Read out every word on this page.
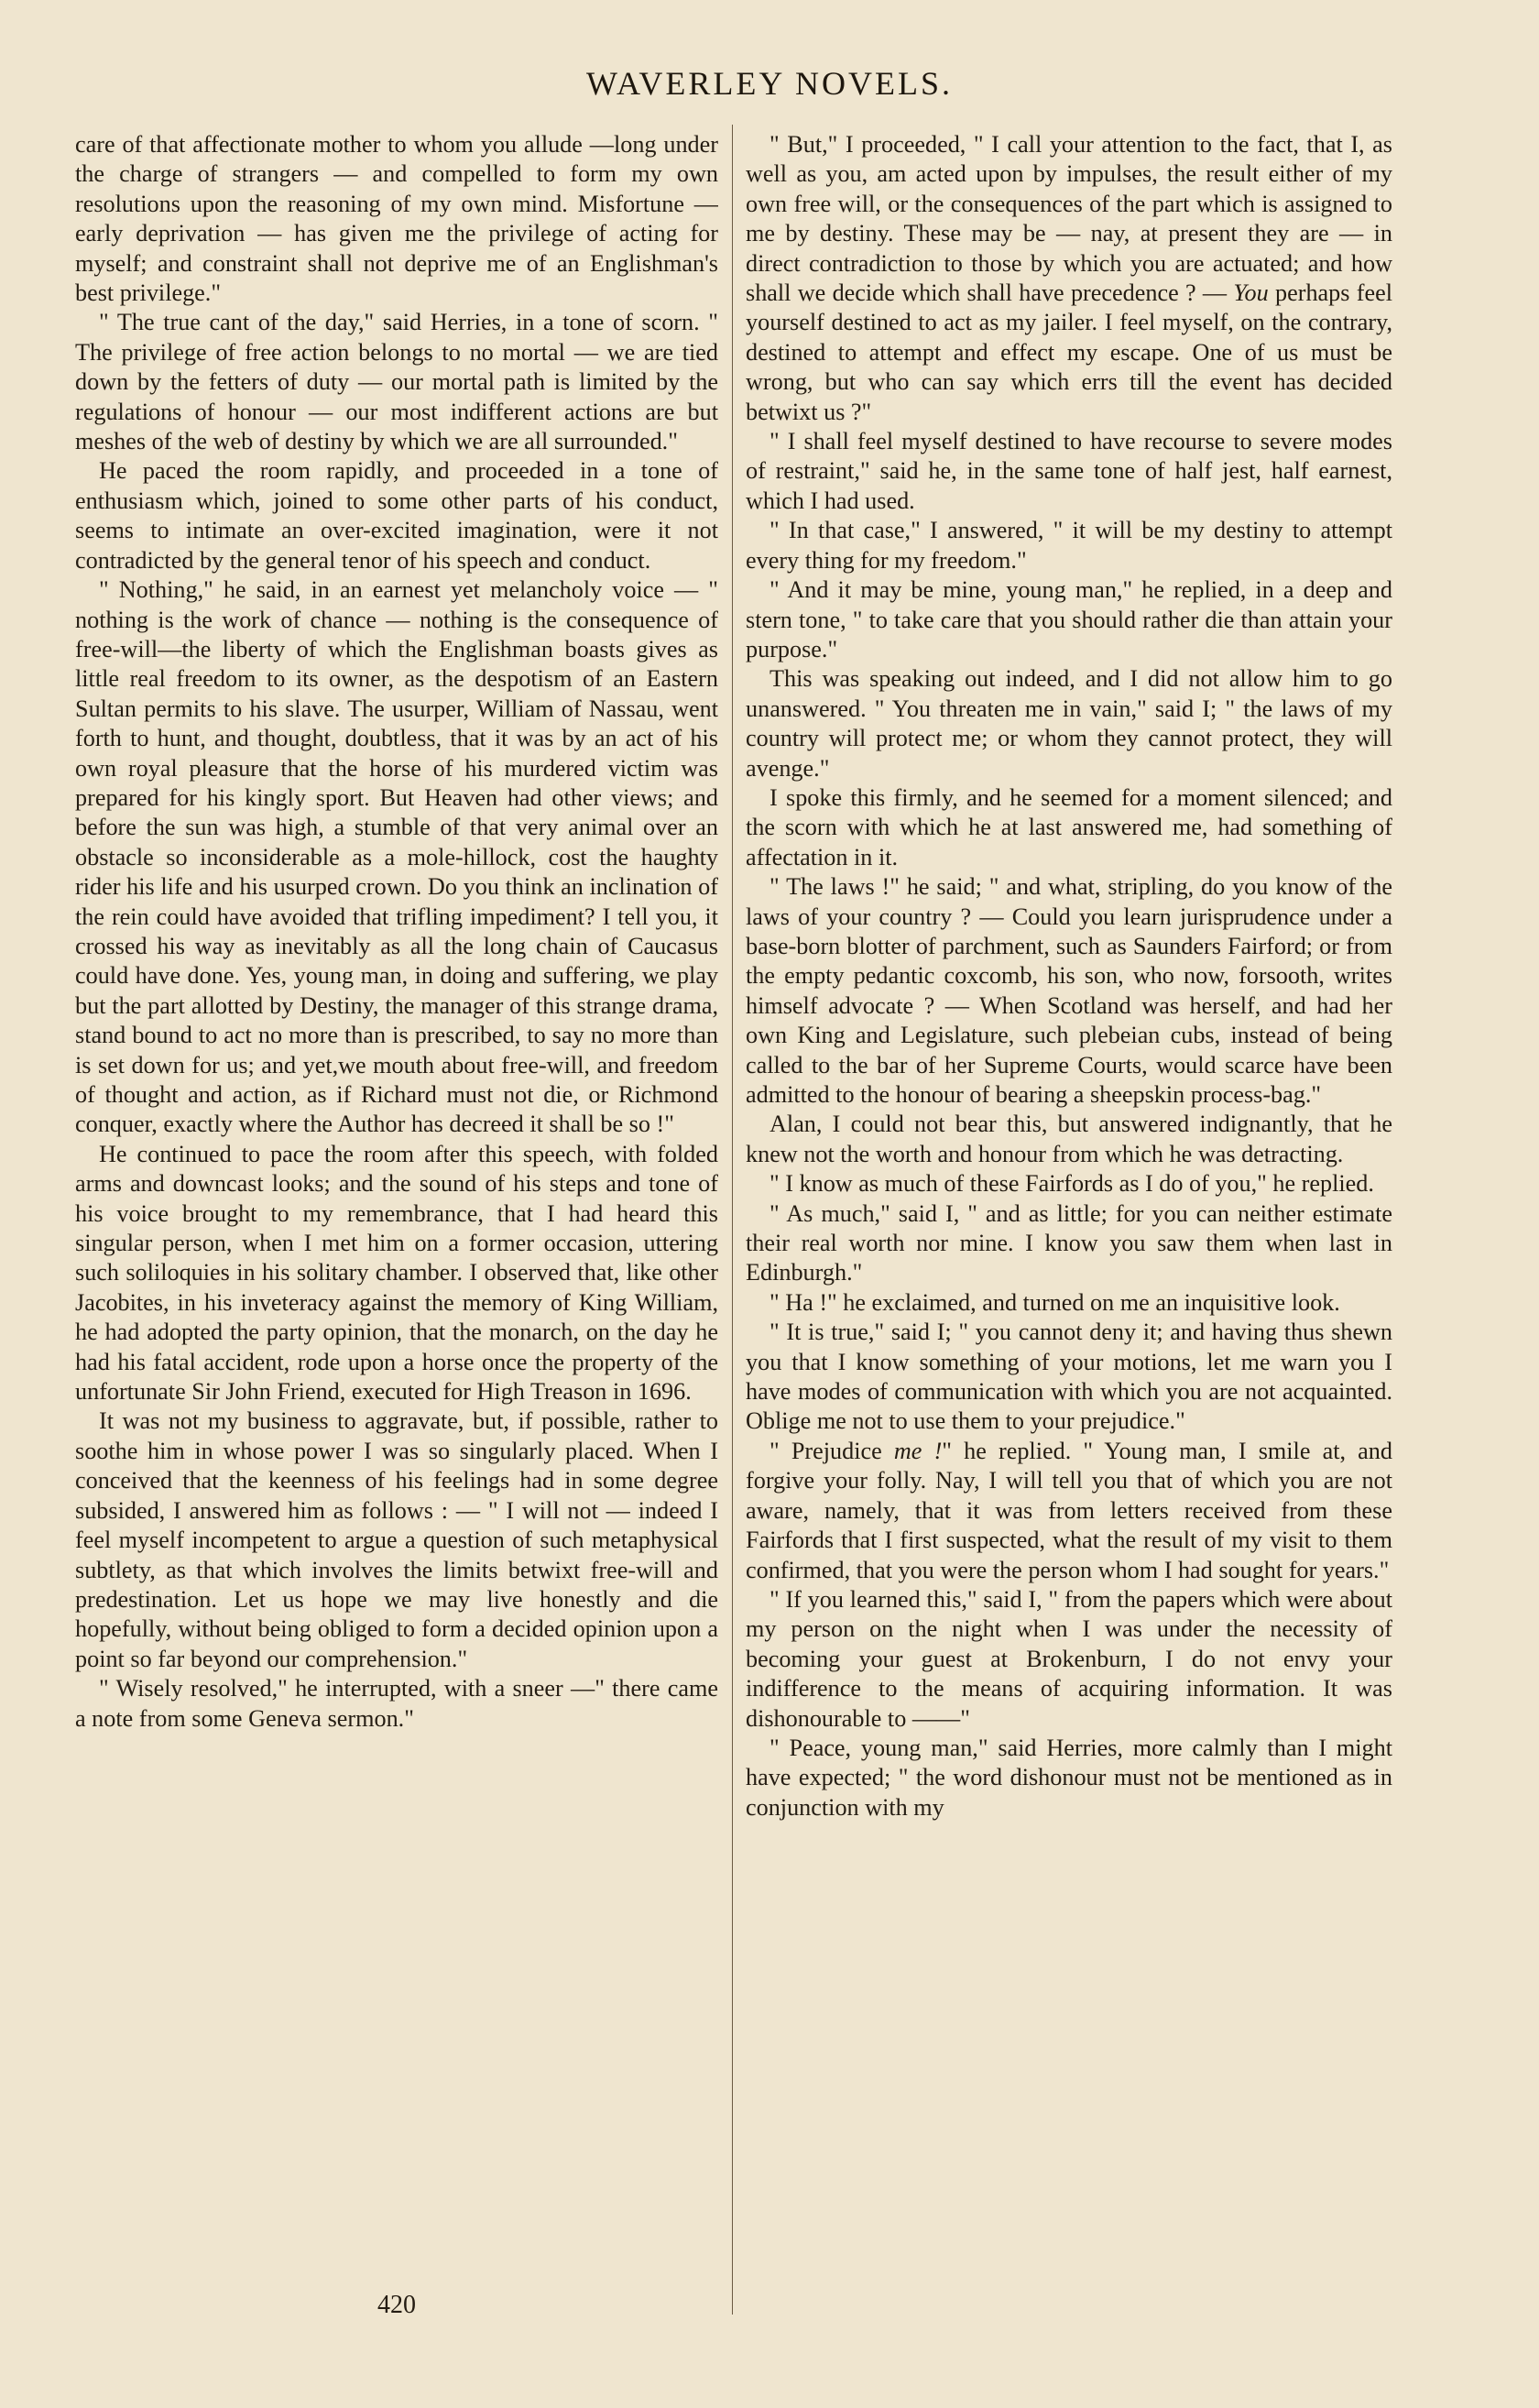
WAVERLEY NOVELS.

care of that affectionate mother to whom you allude —long under the charge of strangers — and compelled to form my own resolutions upon the reasoning of my own mind. Misfortune — early deprivation — has given me the privilege of acting for myself; and constraint shall not deprive me of an Englishman's best privilege."

" The true cant of the day," said Herries, in a tone of scorn. " The privilege of free action belongs to no mortal — we are tied down by the fetters of duty — our mortal path is limited by the regulations of honour — our most indifferent actions are but meshes of the web of destiny by which we are all surrounded."

He paced the room rapidly, and proceeded in a tone of enthusiasm which, joined to some other parts of his conduct, seems to intimate an over-excited imagination, were it not contradicted by the general tenor of his speech and conduct.

" Nothing," he said, in an earnest yet melancholy voice — " nothing is the work of chance — nothing is the consequence of free-will—the liberty of which the Englishman boasts gives as little real freedom to its owner, as the despotism of an Eastern Sultan permits to his slave. The usurper, William of Nassau, went forth to hunt, and thought, doubtless, that it was by an act of his own royal pleasure that the horse of his murdered victim was prepared for his kingly sport. But Heaven had other views; and before the sun was high, a stumble of that very animal over an obstacle so inconsiderable as a mole-hillock, cost the haughty rider his life and his usurped crown. Do you think an inclination of the rein could have avoided that trifling impediment? I tell you, it crossed his way as inevitably as all the long chain of Caucasus could have done. Yes, young man, in doing and suffering, we play but the part allotted by Destiny, the manager of this strange drama, stand bound to act no more than is prescribed, to say no more than is set down for us; and yet,we mouth about free-will, and freedom of thought and action, as if Richard must not die, or Richmond conquer, exactly where the Author has decreed it shall be so !"

He continued to pace the room after this speech, with folded arms and downcast looks; and the sound of his steps and tone of his voice brought to my remembrance, that I had heard this singular person, when I met him on a former occasion, uttering such soliloquies in his solitary chamber. I observed that, like other Jacobites, in his inveteracy against the memory of King William, he had adopted the party opinion, that the monarch, on the day he had his fatal accident, rode upon a horse once the property of the unfortunate Sir John Friend, executed for High Treason in 1696.

It was not my business to aggravate, but, if possible, rather to soothe him in whose power I was so singularly placed. When I conceived that the keenness of his feelings had in some degree subsided, I answered him as follows : — " I will not — indeed I feel myself incompetent to argue a question of such metaphysical subtlety, as that which involves the limits betwixt free-will and predestination. Let us hope we may live honestly and die hopefully, without being obliged to form a decided opinion upon a point so far beyond our comprehension."

" Wisely resolved," he interrupted, with a sneer —" there came a note from some Geneva sermon."

" But," I proceeded, " I call your attention to the fact, that I, as well as you, am acted upon by impulses, the result either of my own free will, or the consequences of the part which is assigned to me by destiny. These may be — nay, at present they are — in direct contradiction to those by which you are actuated; and how shall we decide which shall have precedence ? — You perhaps feel yourself destined to act as my jailer. I feel myself, on the contrary, destined to attempt and effect my escape. One of us must be wrong, but who can say which errs till the event has decided betwixt us ?"

" I shall feel myself destined to have recourse to severe modes of restraint," said he, in the same tone of half jest, half earnest, which I had used.

" In that case," I answered, " it will be my destiny to attempt every thing for my freedom."

" And it may be mine, young man," he replied, in a deep and stern tone, " to take care that you should rather die than attain your purpose."

This was speaking out indeed, and I did not allow him to go unanswered. " You threaten me in vain," said I; " the laws of my country will protect me; or whom they cannot protect, they will avenge."

I spoke this firmly, and he seemed for a moment silenced; and the scorn with which he at last answered me, had something of affectation in it.

" The laws !" he said; " and what, stripling, do you know of the laws of your country ? — Could you learn jurisprudence under a base-born blotter of parchment, such as Saunders Fairford; or from the empty pedantic coxcomb, his son, who now, forsooth, writes himself advocate ? — When Scotland was herself, and had her own King and Legislature, such plebeian cubs, instead of being called to the bar of her Supreme Courts, would scarce have been admitted to the honour of bearing a sheepskin process-bag."

Alan, I could not bear this, but answered indignantly, that he knew not the worth and honour from which he was detracting.

" I know as much of these Fairfords as I do of you," he replied.

" As much," said I, " and as little; for you can neither estimate their real worth nor mine. I know you saw them when last in Edinburgh."

" Ha !" he exclaimed, and turned on me an inquisitive look.

" It is true," said I; " you cannot deny it; and having thus shewn you that I know something of your motions, let me warn you I have modes of communication with which you are not acquainted. Oblige me not to use them to your prejudice."

" Prejudice me !" he replied. " Young man, I smile at, and forgive your folly. Nay, I will tell you that of which you are not aware, namely, that it was from letters received from these Fairfords that I first suspected, what the result of my visit to them confirmed, that you were the person whom I had sought for years."

" If you learned this," said I, " from the papers which were about my person on the night when I was under the necessity of becoming your guest at Brokenburn, I do not envy your indifference to the means of acquiring information. It was dishonourable to ——"

" Peace, young man," said Herries, more calmly than I might have expected; " the word dishonour must not be mentioned as in conjunction with my

420
